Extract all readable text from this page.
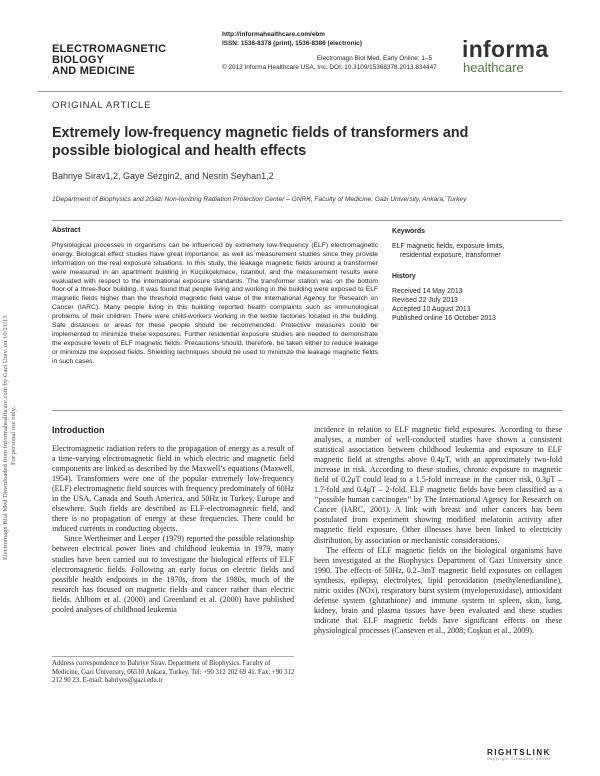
Electromagn Biol Med Downloaded from informahealthcare.com by Gazi Univ. on 10/21/13 For personal use only.
ELECTROMAGNETIC
BIOLOGY
AND MEDICINE
http://informahealthcare.com/ebm
ISSN: 1536-8378 (print), 1536-8386 (electronic)
Electromagn Biol Med, Early Online: 1–5
© 2013 Informa Healthcare USA, Inc. DOI: 10.3109/15368378.2013.834447
informa
healthcare
ORIGINAL ARTICLE
Extremely low-frequency magnetic fields of transformers and possible biological and health effects
Bahriye Sirav1,2, Gaye Sezgin2, and Nesrin Seyhan1,2
1Department of Biophysics and 2Gazi Non-Ionizing Radiation Protection Center – GNRK, Faculty of Medicine, Gazi University, Ankara, Turkey
Abstract

Physiological processes in organisms can be influenced by extremely low-frequency (ELF) electromagnetic energy. Biological effect studies have great importance; as well as measurement studies since they provide information on the real exposure situations. In this study, the leakage magnetic fields around a transformer were measured in an apartment building in Küçükçekmece, Istanbul, and the measurement results were evaluated with respect to the international exposure standards. The transformer station was on the bottom floor of a three-floor building. It was found that people living and working in the building were exposed to ELF magnetic fields higher than the threshold magnetic field value of the International Agency for Research on Cancer (IARC). Many people living in this building reported health complaints such as immunological problems of their children. There were child-workers working in the textile factories located in the building. Safe distances or areas for these people should be recommended. Protective measures could be implemented to minimize these exposures. Further residential exposure studies are needed to demonstrate the exposure levels of ELF magnetic fields. Precautions should, therefore, be taken either to reduce leakage or minimize the exposed fields. Shielding techniques should be used to minimize the leakage magnetic fields in such cases.

Keywords
ELF magnetic fields, exposure limits,
residential exposure, transformer
History
Received 14 May 2013
Revised 22 July 2013
Accepted 10 August 2013
Published online 16 October 2013
Introduction

Electromagnetic radiation refers to the propagation of energy as a result of a time-varying electromagnetic field in which electric and magnetic field components are linked as described by the Maxwell’s equations (Maxwell, 1954). Transformers were one of the popular extremely low-frequency (ELF) electromagnetic field sources with frequency predominately of 60Hz in the USA, Canada and South America, and 50Hz in Turkey, Europe and elsewhere. Such fields are described as ELF-electromagnetic field, and there is no propagation of energy at these frequencies. There could be induced currents in conducting objects.

Since Wertheimer and Leeper (1979) reported the possible relationship between electrical power lines and childhood leukemia in 1979, many studies have been carried out to investigate the biological effects of ELF electromagnetic fields. Following an early focus on electric fields and possible health endpoints in the 1970s, from the 1980s, much of the research has focused on magnetic fields and cancer rather than electric fields. Ahlbom et al. (2000) and Greenland et al. (2000) have published pooled analyses of childhood leukemia

incidence in relation to ELF magnetic field exposures. According to these analyses, a number of well-conducted studies have shown a consistent statistical association between childhood leukemia and exposure to ELF magnetic field at strengths above 0.4μT, with an approximately two-fold increase in risk. According to these studies, chronic exposure to magnetic field of 0.2μT could lead to a 1.5-fold increase in the cancer risk, 0.3μT – 1.7-fold and 0.4μT – 2-fold. ELF magnetic fields have been classified as a ‘‘possible human carcinogen’’ by The International Agency for Research on Cancer (IARC, 2001). A link with breast and other cancers has been postulated from experiment showing modified melatonin activity after magnetic field exposure. Other illnesses have been linked to electricity distribution, by association or mechanistic considerations.

The effects of ELF magnetic fields on the biological organisms have been investigated at the Biophysics Department of Gazi University since 1990. The effects of 50Hz, 0.2–3mT magnetic field exposures on collagen synthesis, epilepsy, electrolytes, lipid peroxidation (methylenedianiline), nitric oxides (NOx), respiratory burst system (myeloperoxidase), antioxidant defense system (glutathione) and immune system in spleen, skin, lung, kidney, brain and plasma tissues have been evaluated and these studies indicate that ELF magnetic fields have significant effects on these physiological processes (Canseven et al., 2008; Coşkun et al., 2009).

Address correspondence to Bahriye Sirav, Department of Biophysics, Faculty of Medicine, Gazi University, 06510 Ankara, Turkey. Tel: +90 312 202 69 41. Fax: +90 312 212 90 23. E-mail: bahriyes@gazi.edu.tr
RIGHTSLINK
Copyright Clearance Center
